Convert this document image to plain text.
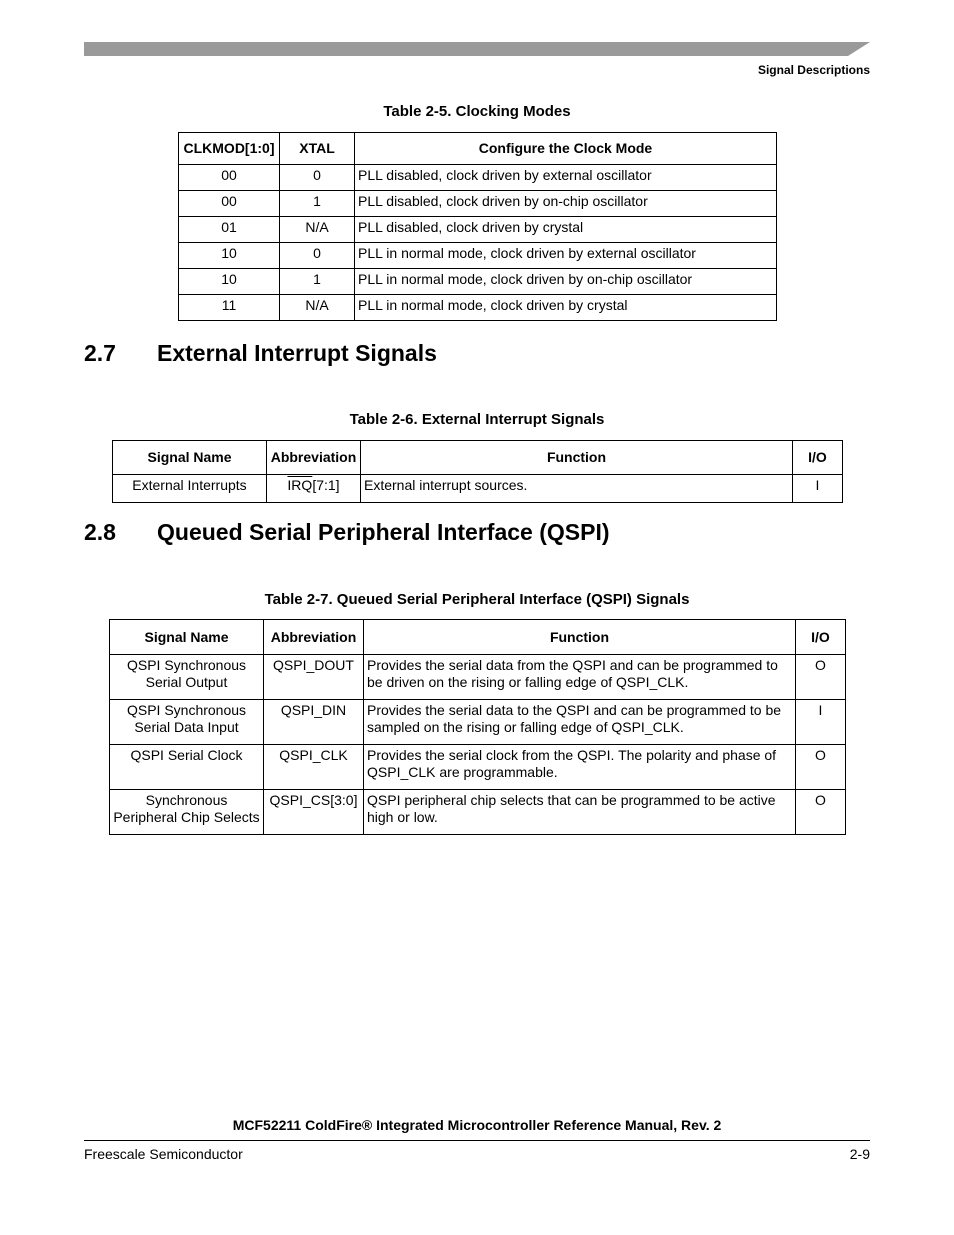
Signal Descriptions
Table 2-5. Clocking Modes
CLKMOD[1:0]	XTAL	Configure the Clock Mode
00	0	PLL disabled, clock driven by external oscillator
00	1	PLL disabled, clock driven by on-chip oscillator
01	N/A	PLL disabled, clock driven by crystal
10	0	PLL in normal mode, clock driven by external oscillator
10	1	PLL in normal mode, clock driven by on-chip oscillator
11	N/A	PLL in normal mode, clock driven by crystal
2.7 External Interrupt Signals
Table 2-6. External Interrupt Signals
Signal Name	Abbreviation	Function	I/O
External Interrupts	$\overline{IRQ}[7:1]$	External interrupt sources.	I
2.8 Queued Serial Peripheral Interface (QSPI)
Table 2-7. Queued Serial Peripheral Interface (QSPI) Signals
Signal Name	Abbreviation	Function	I/O
QSPI Synchronous Serial Output	QSPI_DOUT	Provides the serial data from the QSPI and can be programmed to be driven on the rising or falling edge of QSPI_CLK.	O
QSPI Synchronous Serial Data Input	QSPI_DIN	Provides the serial data to the QSPI and can be programmed to be sampled on the rising or falling edge of QSPI_CLK.	I
QSPI Serial Clock	QSPI_CLK	Provides the serial clock from the QSPI. The polarity and phase of QSPI_CLK are programmable.	O
Synchronous Peripheral Chip Selects	QSPI_CS[3:0]	QSPI peripheral chip selects that can be programmed to be active high or low.	O
MCF52211 ColdFire® Integrated Microcontroller Reference Manual, Rev. 2
Freescale Semiconductor	2-9
